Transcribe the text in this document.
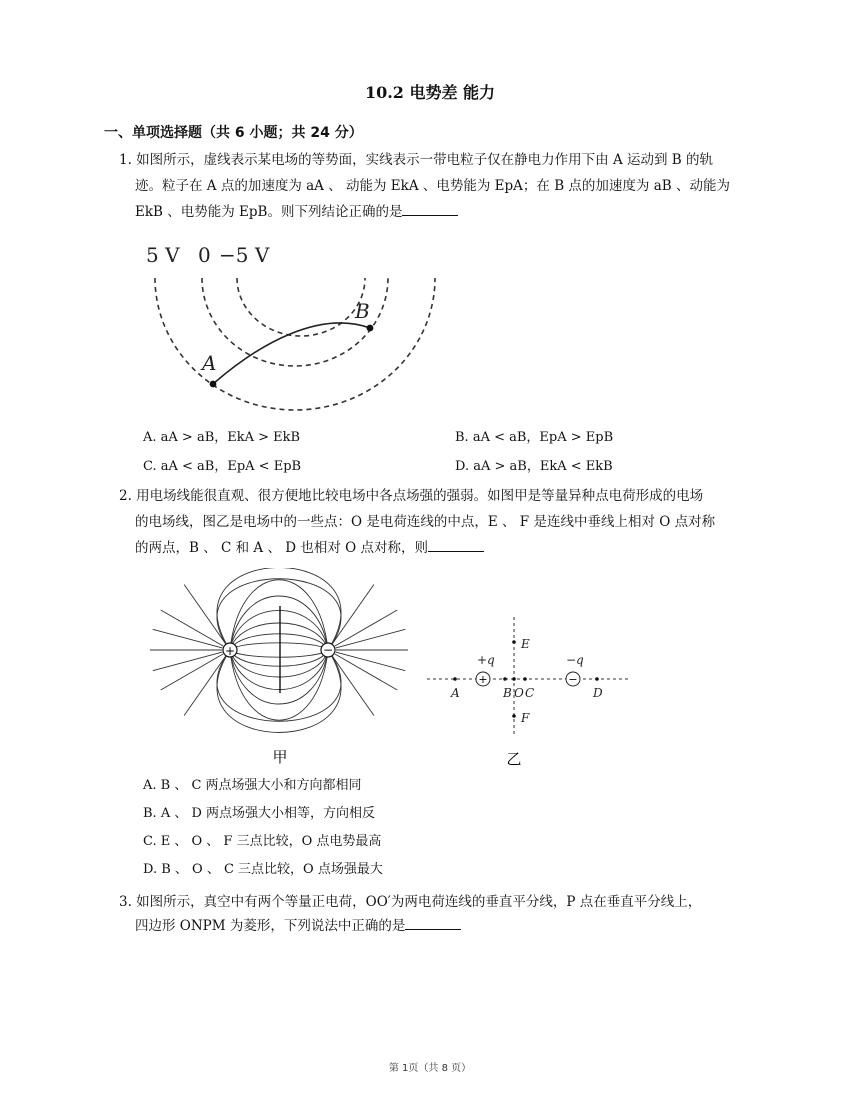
10.2 电势差 能力
一、单项选择题（共 6 小题；共 24 分）
1. 如图所示，虚线表示某电场的等势面，实线表示一带电粒子仅在静电力作用下由 A 运动到 B 的轨
迹。粒子在 A 点的加速度为 aA 、 动能为 EkA 、电势能为 EpA；在 B 点的加速度为 aB 、动能为
EkB 、电势能为 EpB。则下列结论正确的是
5 V 0 −5 V
A
B
A. aA > aB，EkA > EkB	B. aA < aB，EpA > EpB
C. aA < aB，EpA < EpB	D. aA > aB，EkA < EkB
2. 用电场线能很直观、很方便地比较电场中各点场强的强弱。如图甲是等量异种点电荷形成的电场
的电场线，图乙是电场中的一些点：O 是电荷连线的中点，E 、 F 是连线中垂线上相对 O 点对称
的两点，B 、 C 和 A 、 D 也相对 O 点对称，则
+	−
甲
+	−
+q	−q
A	B O C	D
E
F
乙
A. B 、 C 两点场强大小和方向都相同
B. A 、 D 两点场强大小相等，方向相反
C. E 、 O 、 F 三点比较，O 点电势最高
D. B 、 O 、 C 三点比较，O 点场强最大
3. 如图所示，真空中有两个等量正电荷，OO′为两电荷连线的垂直平分线，P 点在垂直平分线上，
四边形 ONPM 为菱形，下列说法中正确的是
第 1页（共 8 页）
